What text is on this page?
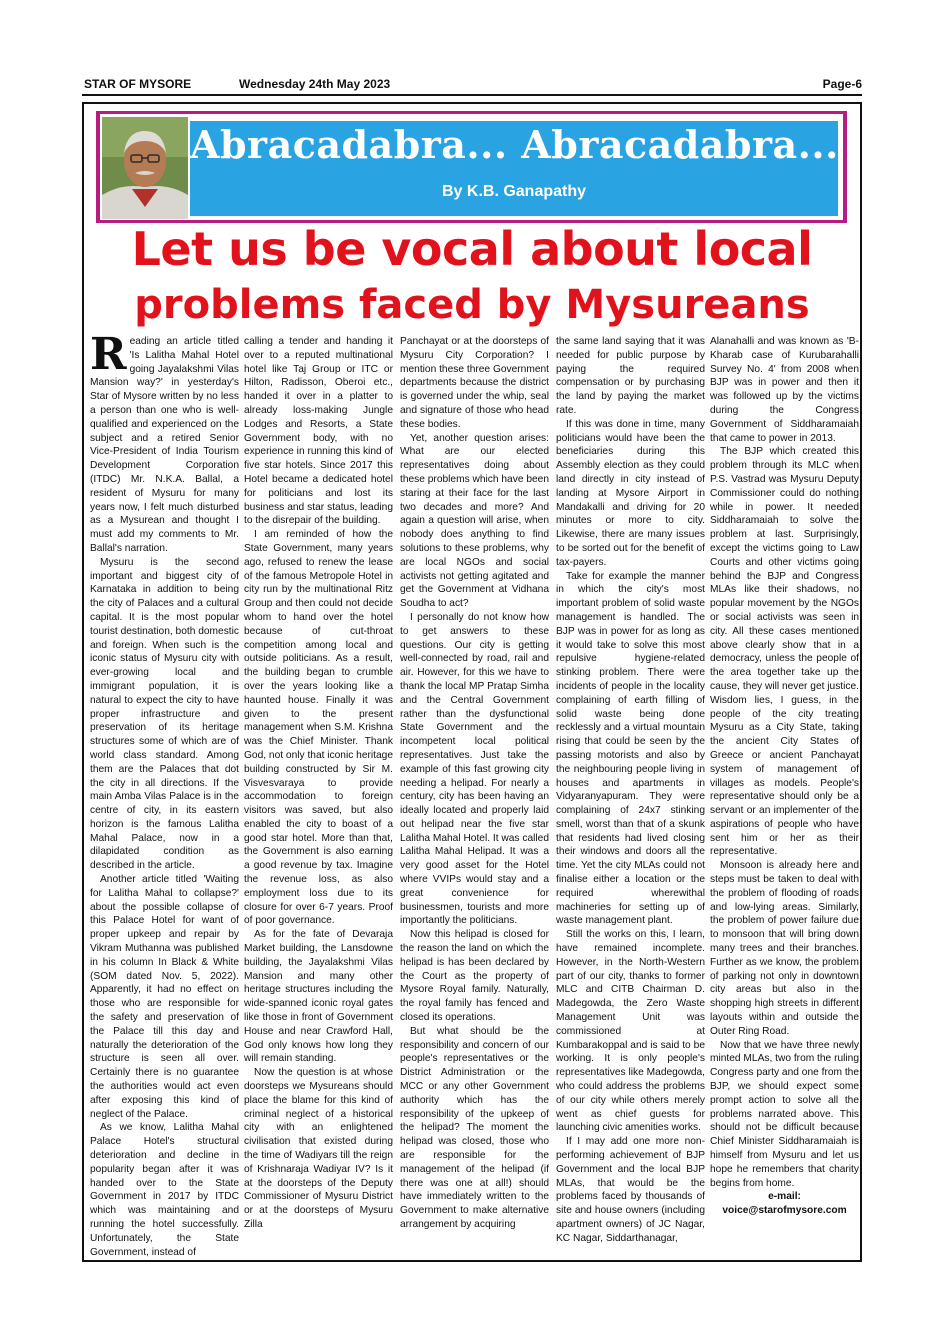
STAR OF MYSORE	Wednesday 24th May 2023	Page-6
Abracadabra... Abracadabra...
By K.B. Ganapathy
Let us be vocal about local
problems faced by Mysureans
R eading an article titled 'Is Lalitha Mahal Hotel going Jayalakshmi Vilas Mansion way?' in yesterday's Star of Mysore written by no less a person than one who is well-qualified and experienced on the subject and a retired Senior Vice-President of India Tourism Development Corporation (ITDC) Mr. N.K.A. Ballal, a resident of Mysuru for many years now, I felt much disturbed as a Mysurean and thought I must add my comments to Mr. Ballal's narration.

Mysuru is the second important and biggest city of Karnataka in addition to being the city of Palaces and a cultural capital. It is the most popular tourist destination, both domestic and foreign. When such is the iconic status of Mysuru city with ever-growing local and immigrant population, it is natural to expect the city to have proper infrastructure and preservation of its heritage structures some of which are of world class standard. Among them are the Palaces that dot the city in all directions. If the main Amba Vilas Palace is in the centre of city, in its eastern horizon is the famous Lalitha Mahal Palace, now in a dilapidated condition as described in the article.

Another article titled 'Waiting for Lalitha Mahal to collapse?' about the possible collapse of this Palace Hotel for want of proper upkeep and repair by Vikram Muthanna was published in his column In Black & White (SOM dated Nov. 5, 2022). Apparently, it had no effect on those who are responsible for the safety and preservation of the Palace till this day and naturally the deterioration of the structure is seen all over. Certainly there is no guarantee the authorities would act even after exposing this kind of neglect of the Palace.

As we know, Lalitha Mahal Palace Hotel's structural deterioration and decline in popularity began after it was handed over to the State Government in 2017 by ITDC which was maintaining and running the hotel successfully. Unfortunately, the State Government, instead of

calling a tender and handing it over to a reputed multinational hotel like Taj Group or ITC or Hilton, Radisson, Oberoi etc., handed it over in a platter to already loss-making Jungle Lodges and Resorts, a State Government body, with no experience in running this kind of five star hotels. Since 2017 this Hotel became a dedicated hotel for politicians and lost its business and star status, leading to the disrepair of the building.

I am reminded of how the State Government, many years ago, refused to renew the lease of the famous Metropole Hotel in city run by the multinational Ritz Group and then could not decide whom to hand over the hotel because of cut-throat competition among local and outside politicians. As a result, the building began to crumble over the years looking like a haunted house. Finally it was given to the present management when S.M. Krishna was the Chief Minister. Thank God, not only that iconic heritage building constructed by Sir M. Visvesvaraya to provide accommodation to foreign visitors was saved, but also enabled the city to boast of a good star hotel. More than that, the Government is also earning a good revenue by tax. Imagine the revenue loss, as also employment loss due to its closure for over 6-7 years. Proof of poor governance.

As for the fate of Devaraja Market building, the Lansdowne building, the Jayalakshmi Vilas Mansion and many other heritage structures including the wide-spanned iconic royal gates like those in front of Government House and near Crawford Hall, God only knows how long they will remain standing.

Now the question is at whose doorsteps we Mysureans should place the blame for this kind of criminal neglect of a historical city with an enlightened civilisation that existed during the time of Wadiyars till the reign of Krishnaraja Wadiyar IV? Is it at the doorsteps of the Deputy Commissioner of Mysuru District or at the doorsteps of Mysuru Zilla

Panchayat or at the doorsteps of Mysuru City Corporation? I mention these three Government departments because the district is governed under the whip, seal and signature of those who head these bodies.

Yet, another question arises: What are our elected representatives doing about these problems which have been staring at their face for the last two decades and more? And again a question will arise, when nobody does anything to find solutions to these problems, why are local NGOs and social activists not getting agitated and get the Government at Vidhana Soudha to act?

I personally do not know how to get answers to these questions. Our city is getting well-connected by road, rail and air. However, for this we have to thank the local MP Pratap Simha and the Central Government rather than the dysfunctional State Government and the incompetent local political representatives. Just take the example of this fast growing city needing a helipad. For nearly a century, city has been having an ideally located and properly laid out helipad near the five star Lalitha Mahal Hotel. It was called Lalitha Mahal Helipad. It was a very good asset for the Hotel where VVIPs would stay and a great convenience for businessmen, tourists and more importantly the politicians.

Now this helipad is closed for the reason the land on which the helipad is has been declared by the Court as the property of Mysore Royal family. Naturally, the royal family has fenced and closed its operations.

But what should be the responsibility and concern of our people's representatives or the District Administration or the MCC or any other Government authority which has the responsibility of the upkeep of the helipad? The moment the helipad was closed, those who are responsible for the management of the helipad (if there was one at all!) should have immediately written to the Government to make alternative arrangement by acquiring

the same land saying that it was needed for public purpose by paying the required compensation or by purchasing the land by paying the market rate.

If this was done in time, many politicians would have been the beneficiaries during this Assembly election as they could land directly in city instead of landing at Mysore Airport in Mandakalli and driving for 20 minutes or more to city. Likewise, there are many issues to be sorted out for the benefit of tax-payers.

Take for example the manner in which the city's most important problem of solid waste management is handled. The BJP was in power for as long as it would take to solve this most repulsive hygiene-related stinking problem. There were incidents of people in the locality complaining of earth filling of solid waste being done recklessly and a virtual mountain rising that could be seen by the passing motorists and also by the neighbouring people living in houses and apartments in Vidyaranyapuram. They were complaining of 24x7 stinking smell, worst than that of a skunk that residents had lived closing their windows and doors all the time. Yet the city MLAs could not finalise either a location or the required wherewithal machineries for setting up of waste management plant.

Still the works on this, I learn, have remained incomplete. However, in the North-Western part of our city, thanks to former MLC and CITB Chairman D. Madegowda, the Zero Waste Management Unit was commissioned at Kumbarakoppal and is said to be working. It is only people's representatives like Madegowda, who could address the problems of our city while others merely went as chief guests for launching civic amenities works.

If I may add one more non-performing achievement of BJP Government and the local BJP MLAs, that would be the problems faced by thousands of site and house owners (including apartment owners) of JC Nagar, KC Nagar, Siddarthanagar,

Alanahalli and was known as 'B-Kharab case of Kurubarahalli Survey No. 4' from 2008 when BJP was in power and then it was followed up by the victims during the Congress Government of Siddharamaiah that came to power in 2013.

The BJP which created this problem through its MLC when P.S. Vastrad was Mysuru Deputy Commissioner could do nothing while in power. It needed Siddharamaiah to solve the problem at last. Surprisingly, except the victims going to Law Courts and other victims going behind the BJP and Congress MLAs like their shadows, no popular movement by the NGOs or social activists was seen in city. All these cases mentioned above clearly show that in a democracy, unless the people of the area together take up the cause, they will never get justice. Wisdom lies, I guess, in the people of the city treating Mysuru as a City State, taking the ancient City States of Greece or ancient Panchayat system of management of villages as models. People's representative should only be a servant or an implementer of the aspirations of people who have sent him or her as their representative.

Monsoon is already here and steps must be taken to deal with the problem of flooding of roads and low-lying areas. Similarly, the problem of power failure due to monsoon that will bring down many trees and their branches. Further as we know, the problem of parking not only in downtown city areas but also in the shopping high streets in different layouts within and outside the Outer Ring Road.

Now that we have three newly minted MLAs, two from the ruling Congress party and one from the BJP, we should expect some prompt action to solve all the problems narrated above. This should not be difficult because Chief Minister Siddharamaiah is himself from Mysuru and let us hope he remembers that charity begins from home.

e-mail:

voice@starofmysore.com
